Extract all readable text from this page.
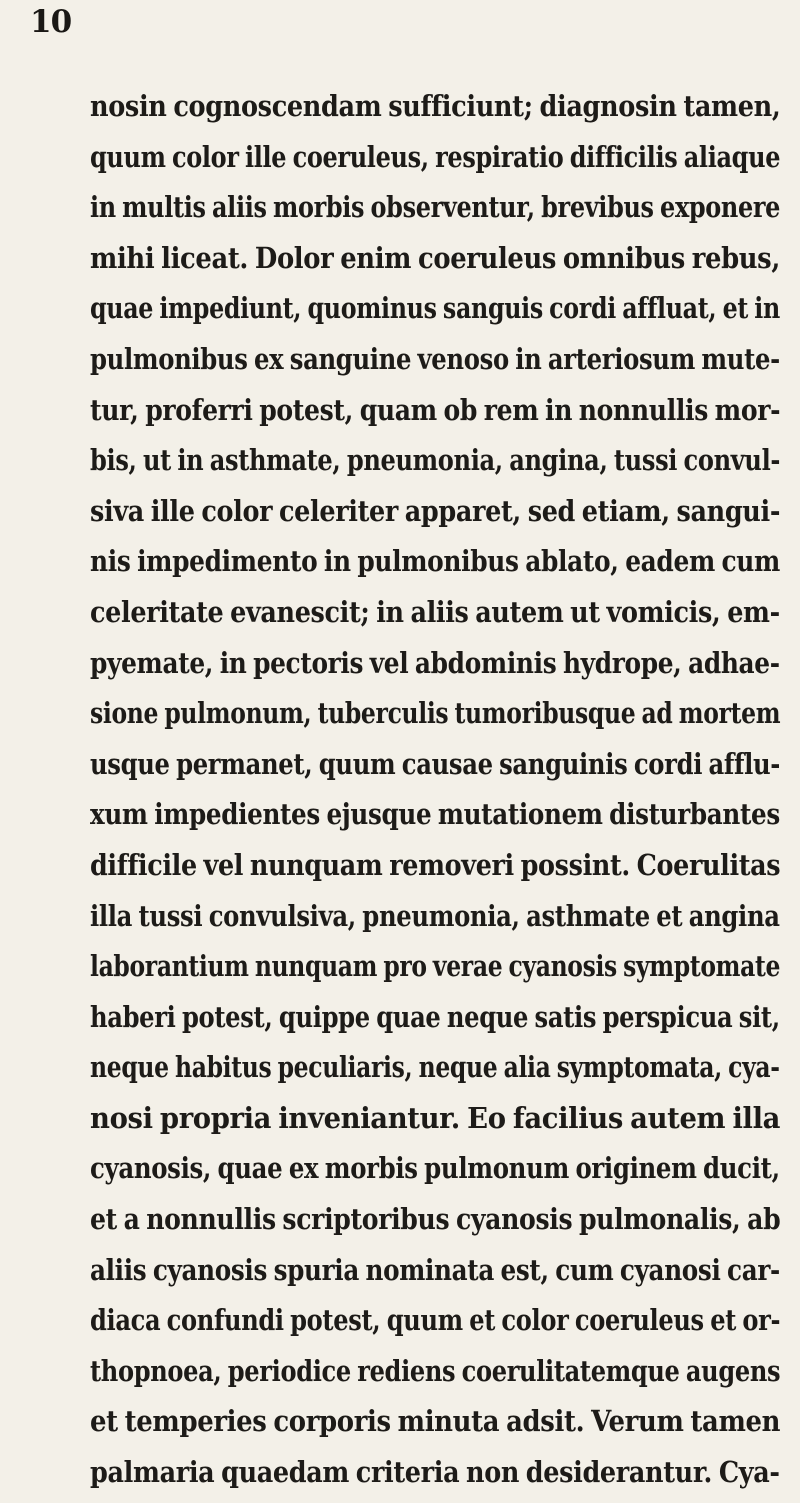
10
nosin cognoscendam sufficiunt; diagnosin tamen,
quum color ille coeruleus, respiratio difficilis aliaque
in multis aliis morbis observentur, brevibus exponere
mihi liceat. Dolor enim coeruleus omnibus rebus,
quae impediunt, quominus sanguis cordi affluat, et in
pulmonibus ex sanguine venoso in arteriosum mute-
tur, proferri potest, quam ob rem in nonnullis mor-
bis, ut in asthmate, pneumonia, angina, tussi convul-
siva ille color celeriter apparet, sed etiam, sangui-
nis impedimento in pulmonibus ablato, eadem cum
celeritate evanescit; in aliis autem ut vomicis, em-
pyemate, in pectoris vel abdominis hydrope, adhae-
sione pulmonum, tuberculis tumoribusque ad mortem
usque permanet, quum causae sanguinis cordi afflu-
xum impedientes ejusque mutationem disturbantes
difficile vel nunquam removeri possint. Coerulitas
illa tussi convulsiva, pneumonia, asthmate et angina
laborantium nunquam pro verae cyanosis symptomate
haberi potest, quippe quae neque satis perspicua sit,
neque habitus peculiaris, neque alia symptomata, cya-
nosi propria inveniantur. Eo facilius autem illa
cyanosis, quae ex morbis pulmonum originem ducit,
et a nonnullis scriptoribus cyanosis pulmonalis, ab
aliis cyanosis spuria nominata est, cum cyanosi car-
diaca confundi potest, quum et color coeruleus et or-
thopnoea, periodice rediens coerulitatemque augens
et temperies corporis minuta adsit. Verum tamen
palmaria quaedam criteria non desiderantur. Cya-
